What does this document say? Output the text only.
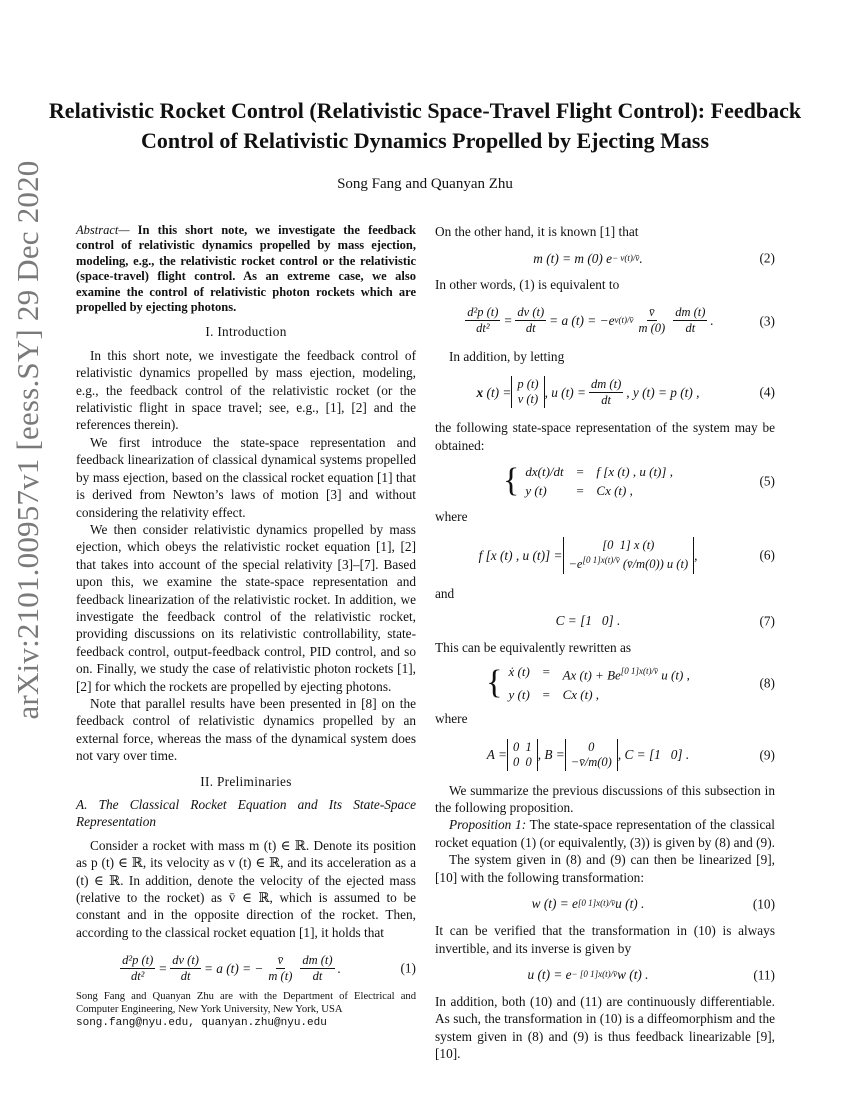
Relativistic Rocket Control (Relativistic Space-Travel Flight Control): Feedback Control of Relativistic Dynamics Propelled by Ejecting Mass
Song Fang and Quanyan Zhu
arXiv:2101.00957v1 [eess.SY] 29 Dec 2020	Abstract— In this short note, we investigate the feedback control of relativistic dynamics propelled by mass ejection, modeling, e.g., the relativistic rocket control or the relativistic (space-travel) flight control. As an extreme case, we also examine the control of relativistic photon rockets which are propelled by ejecting photons.

I. Introduction

In this short note, we investigate the feedback control of relativistic dynamics propelled by mass ejection, modeling, e.g., the feedback control of the relativistic rocket (or the relativistic flight in space travel; see, e.g., [1], [2] and the references therein).

We first introduce the state-space representation and feedback linearization of classical dynamical systems propelled by mass ejection, based on the classical rocket equation [1] that is derived from Newton’s laws of motion [3] and without considering the relativity effect.

We then consider relativistic dynamics propelled by mass ejection, which obeys the relativistic rocket equation [1], [2] that takes into account of the special relativity [3]–[7]. Based upon this, we examine the state-space representation and feedback linearization of the relativistic rocket. In addition, we investigate the feedback control of the relativistic rocket, providing discussions on its relativistic controllability, state-feedback control, output-feedback control, PID control, and so on. Finally, we study the case of relativistic photon rockets [1], [2] for which the rockets are propelled by ejecting photons.

Note that parallel results have been presented in [8] on the feedback control of relativistic dynamics propelled by an external force, whereas the mass of the dynamical system does not vary over time.

II. Preliminaries

A. The Classical Rocket Equation and Its State-Space Representation

Consider a rocket with mass m (t) ∈ ℝ. Denote its position as p (t) ∈ ℝ, its velocity as v (t) ∈ ℝ, and its acceleration as a (t) ∈ ℝ. In addition, denote the velocity of the ejected mass (relative to the rocket) as v̄ ∈ ℝ, which is assumed to be constant and in the opposite direction of the rocket. Then, according to the classical rocket equation [1], it holds that

$\frac{\text{d²p (t)}}{\text{dt²}} = \frac{dv (t)}{dt} = a$ (t) = − $\frac{v̄}{m (t)} \frac{dm (t)}{dt}$ .	(1)
Song Fang and Quanyan Zhu are with the Department of Electrical and Computer Engineering, New York University, New York, USA
song.fang@nyu.edu, quanyan.zhu@nyu.edu

On the other hand, it is known [1] that

m (t) = m (0) e − v(t)/v̄ .	(2)

In other words, (1) is equivalent to

$\frac{\text{d²p (t)}}{\text{dt²}} = \frac{dv (t)}{dt} = a$ (t) = −e v(t)/v̄ $\frac{v̄}{m (0)} \frac{dm (t)}{dt}$ .	(3)

In addition, by letting

x (t) =
p (t)
v (t) , u $(t) = \frac{dm (t)}{dt}$ , y (t) = p (t) ,	(4)

the following state-space representation of the system may be obtained:

{ dx(t)/dt = f [x (t) , u (t)] ,
y (t)	= Cx (t) ,
(5)

where

f [x (t) , u (t)] =
[0  1] x (t)
$-e^{[0 1]x(t)/v̄}$ (v̄/m(0)) u (t)
,	(6)

and

C = [1   0] .	(7)

This can be equivalently rewritten as

{ ẋ (t) = Ax $(t) + Be^{[0 1]x(t)/v̄}$ u (t) ,
y (t) = Cx (t) ,
(8)

where

A =
0  1
0  0 , B =
0
−v̄/m(0) , C = [1   0] .	(9)

We summarize the previous discussions of this subsection in the following proposition.

Proposition 1: The state-space representation of the classical rocket equation (1) (or equivalently, (3)) is given by (8) and (9).

The system given in (8) and (9) can then be linearized [9], [10] with the following transformation:

w (t) = e [0 1]x(t)/v̄ u (t) .	(10)

It can be verified that the transformation in (10) is always invertible, and its inverse is given by

u (t) = e − [0 1]x(t)/v̄ w (t) .	(11)

In addition, both (10) and (11) are continuously differentiable. As such, the transformation in (10) is a diffeomorphism and the system given in (8) and (9) is thus feedback linearizable [9], [10].
